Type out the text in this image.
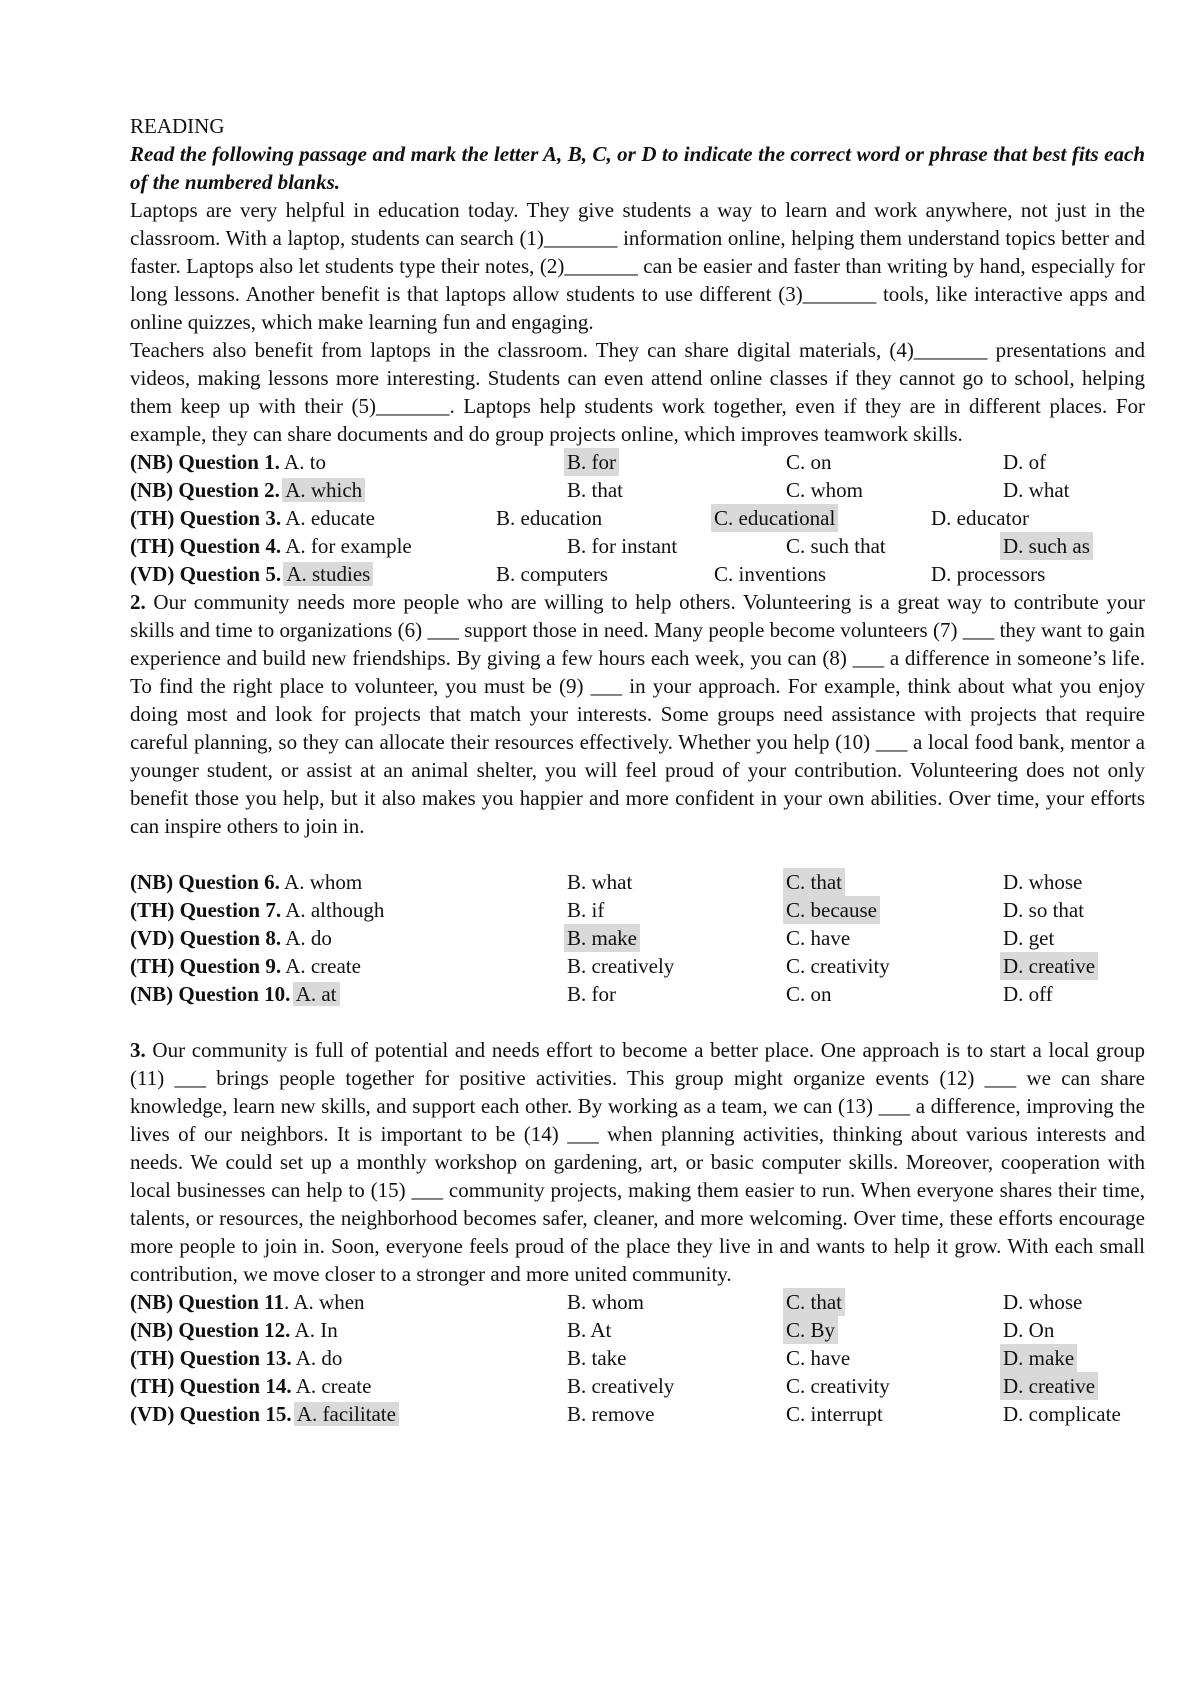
READING
Read the following passage and mark the letter A, B, C, or D to indicate the correct word or phrase that best fits each of the numbered blanks.

Laptops are very helpful in education today. They give students a way to learn and work anywhere, not just in the classroom. With a laptop, students can search (1)_______ information online, helping them understand topics better and faster. Laptops also let students type their notes, (2)_______ can be easier and faster than writing by hand, especially for long lessons. Another benefit is that laptops allow students to use different (3)_______ tools, like interactive apps and online quizzes, which make learning fun and engaging.

Teachers also benefit from laptops in the classroom. They can share digital materials, (4)_______ presentations and videos, making lessons more interesting. Students can even attend online classes if they cannot go to school, helping them keep up with their (5)_______. Laptops help students work together, even if they are in different places. For example, they can share documents and do group projects online, which improves teamwork skills.

(NB) Question 1. A. to	B. for	C. on	D. of
(NB) Question 2. A. which	B. that	C. whom	D. what
(TH) Question 3. A. educate	B. education	C. educational	D. educator
(TH) Question 4. A. for example	B. for instant	C. such that	D. such as
(VD) Question 5. A. studies	B. computers	C. inventions	D. processors

2. Our community needs more people who are willing to help others. Volunteering is a great way to contribute your skills and time to organizations (6) ___ support those in need. Many people become volunteers (7) ___ they want to gain experience and build new friendships. By giving a few hours each week, you can (8) ___ a difference in someone’s life. To find the right place to volunteer, you must be (9) ___ in your approach. For example, think about what you enjoy doing most and look for projects that match your interests. Some groups need assistance with projects that require careful planning, so they can allocate their resources effectively. Whether you help (10) ___ a local food bank, mentor a younger student, or assist at an animal shelter, you will feel proud of your contribution. Volunteering does not only benefit those you help, but it also makes you happier and more confident in your own abilities. Over time, your efforts can inspire others to join in.

(NB) Question 6. A. whom	B. what	C. that	D. whose
(TH) Question 7. A. although	B. if	C. because	D. so that
(VD) Question 8. A. do	B. make	C. have	D. get
(TH) Question 9. A. create	B. creatively	C. creativity	D. creative
(NB) Question 10. A. at	B. for	C. on	D. off

3. Our community is full of potential and needs effort to become a better place. One approach is to start a local group (11) ___ brings people together for positive activities. This group might organize events (12) ___ we can share knowledge, learn new skills, and support each other. By working as a team, we can (13) ___ a difference, improving the lives of our neighbors. It is important to be (14) ___ when planning activities, thinking about various interests and needs. We could set up a monthly workshop on gardening, art, or basic computer skills. Moreover, cooperation with local businesses can help to (15) ___ community projects, making them easier to run. When everyone shares their time, talents, or resources, the neighborhood becomes safer, cleaner, and more welcoming. Over time, these efforts encourage more people to join in. Soon, everyone feels proud of the place they live in and wants to help it grow. With each small contribution, we move closer to a stronger and more united community.

(NB) Question 11. A. when	B. whom	C. that	D. whose
(NB) Question 12. A. In	B. At	C. By	D. On
(TH) Question 13. A. do	B. take	C. have	D. make
(TH) Question 14. A. create	B. creatively	C. creativity	D. creative
(VD) Question 15. A. facilitate	B. remove	C. interrupt	D. complicate
